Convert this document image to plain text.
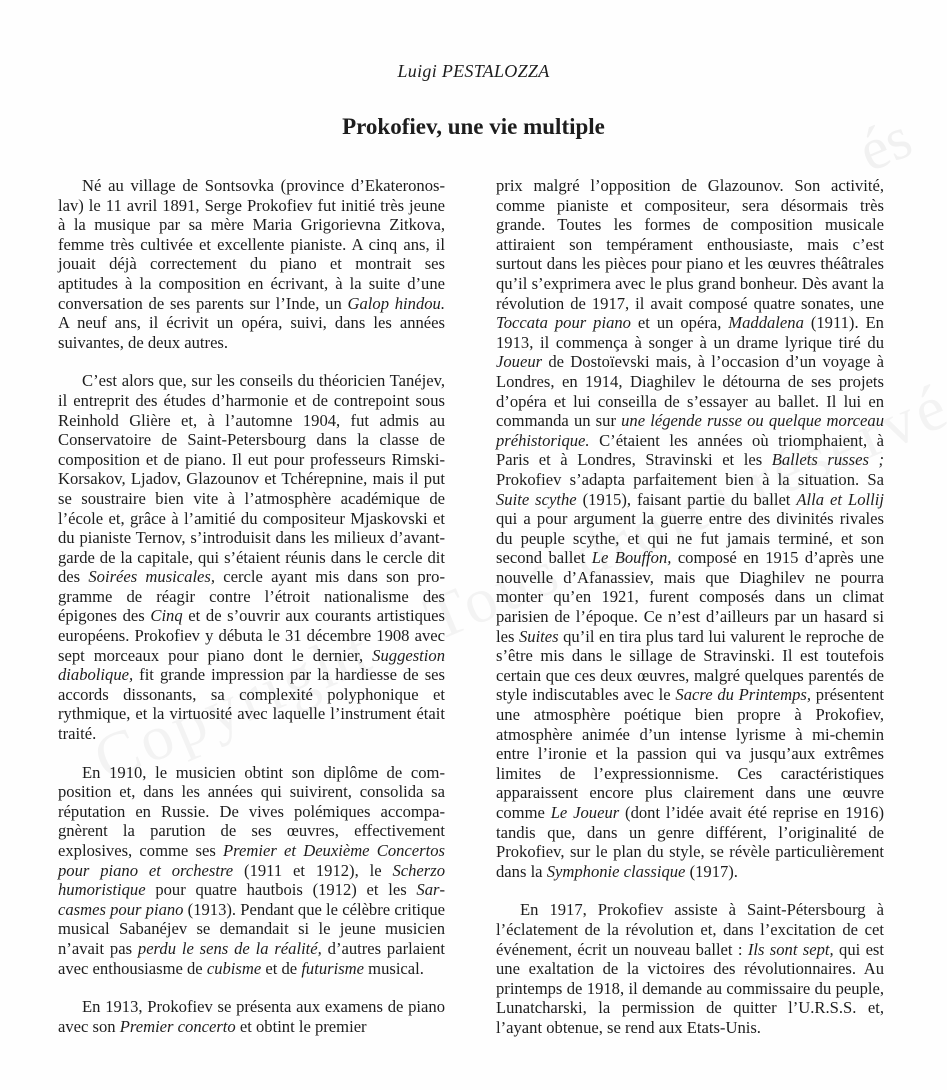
és
Luigi PESTALOZZA
Prokofiev, une vie multiple

Né au village de Sontsovka (province d’Ekateronoslav) le 11 avril 1891, Serge Prokofiev fut initié très jeune à la musique par sa mère Maria Grigorievna Zitkova, femme très cultivée et excellente pianiste. A cinq ans, il jouait déjà correctement du piano et montrait ses aptitudes à la composition en écrivant, à la suite d’une conversation de ses parents sur l’Inde, un Galop hindou. A neuf ans, il écrivit un opéra, suivi, dans les années suivantes, de deux autres.

C’est alors que, sur les conseils du théoricien Tanéjev, il entreprit des études d’harmonie et de contrepoint sous Reinhold Glière et, à l’automne 1904, fut admis au Conservatoire de Saint-Petersbourg dans la classe de composition et de piano. Il eut pour professeurs Rimski-Korsakov, Ljadov, Glazounov et Tchérepnine, mais il put se soustraire bien vite à l’atmosphère académique de l’école et, grâce à l’amitié du compositeur Mjaskovski et du pianiste Ternov, s’introduisit dans les milieux d’avant-garde de la capitale, qui s’étaient réunis dans le cercle dit des Soirées musicales, cercle ayant mis dans son programme de réagir contre l’étroit nationalisme des épigones des Cinq et de s’ouvrir aux courants artistiques européens. Prokofiev y débuta le 31 décembre 1908 avec sept morceaux pour piano dont le dernier, Suggestion diabolique, fit grande impression par la hardiesse de ses accords dissonants, sa complexité polyphonique et rythmique, et la virtuosité avec laquelle l’instrument était traité.

En 1910, le musicien obtint son diplôme de composition et, dans les années qui suivirent, consolida sa réputation en Russie. De vives polémiques accompagnèrent la parution de ses œuvres, effectivement explosives, comme ses Premier et Deuxième Concertos pour piano et orchestre (1911 et 1912), le Scherzo humoristique pour quatre hautbois (1912) et les Sarcasmes pour piano (1913). Pendant que le célèbre critique musical Sabanéjev se demandait si le jeune musicien n’avait pas perdu le sens de la réalité, d’autres parlaient avec enthousiasme de cubisme et de futurisme musical.

En 1913, Prokofiev se présenta aux examens de piano avec son Premier concerto et obtint le premier

prix malgré l’opposition de Glazounov. Son activité, comme pianiste et compositeur, sera désormais très grande. Toutes les formes de composition musicale attiraient son tempérament enthousiaste, mais c’est surtout dans les pièces pour piano et les œuvres théâtrales qu’il s’exprimera avec le plus grand bonheur. Dès avant la révolution de 1917, il avait composé quatre sonates, une Toccata pour piano et un opéra, Maddalena (1911). En 1913, il commença à songer à un drame lyrique tiré du Joueur de Dostoïevski mais, à l’occasion d’un voyage à Londres, en 1914, Diaghilev le détourna de ses projets d’opéra et lui conseilla de s’essayer au ballet. Il lui en commanda un sur une légende russe ou quelque morceau préhistorique. C’étaient les années où triomphaient, à Paris et à Londres, Stravinski et les Ballets russes ; Prokofiev s’adapta parfaitement bien à la situation. Sa Suite scythe (1915), faisant partie du ballet Alla et Lollij qui a pour argument la guerre entre des divinités rivales du peuple scythe, et qui ne fut jamais terminé, et son second ballet Le Bouffon, composé en 1915 d’après une nouvelle d’Afanassiev, mais que Diaghilev ne pourra monter qu’en 1921, furent composés dans un climat parisien de l’époque. Ce n’est d’ailleurs par un hasard si les Suites qu’il en tira plus tard lui valurent le reproche de s’être mis dans le sillage de Stravinski. Il est toutefois certain que ces deux œuvres, malgré quelques parentés de style indiscutables avec le Sacre du Printemps, présentent une atmosphère poétique bien propre à Prokofiev, atmosphère animée d’un intense lyrisme à mi-chemin entre l’ironie et la passion qui va jusqu’aux extrêmes limites de l’expressionnisme. Ces caractéristiques apparaissent encore plus clairement dans une œuvre comme Le Joueur (dont l’idée avait été reprise en 1916) tandis que, dans un genre différent, l’originalité de Prokofiev, sur le plan du style, se révèle particulièrement dans la Symphonie classique (1917).

En 1917, Prokofiev assiste à Saint-Pétersbourg à l’éclatement de la révolution et, dans l’excitation de cet événement, écrit un nouveau ballet : Ils sont sept, qui est une exaltation de la victoires des révolutionnaires. Au printemps de 1918, il demande au commissaire du peuple, Lunatcharski, la permission de quitter l’U.R.S.S. et, l’ayant obtenue, se rend aux Etats-Unis.
